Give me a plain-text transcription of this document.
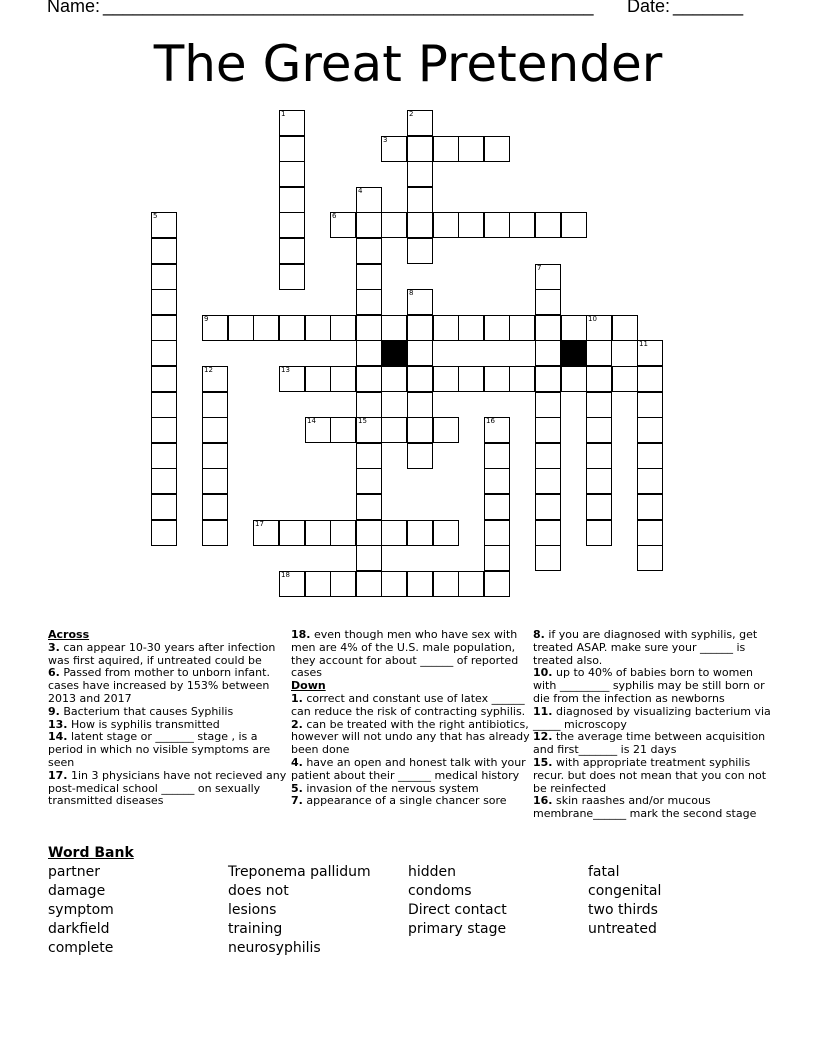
Name: _________________________________________________ Date: _______
The Great Pretender
1	2
3
4
15
5	6
7
8
9	10
11
12	13
14	16
17
18
Across
3. can appear 10-30 years after infection was first aquired, if untreated could be
6. Passed from mother to unborn infant. cases have increased by 153% between 2013 and 2017
9. Bacterium that causes Syphilis
13. How is syphilis transmitted
14. latent stage or _______ stage , is a period in which no visible symptoms are seen
17. 1in 3 physicians have not recieved any post-medical school ______ on sexually transmitted diseases
18. even though men who have sex with men are 4% of the U.S. male population, they account for about ______ of reported cases
Down
1. correct and constant use of latex ______ can reduce the risk of contracting syphilis.
2. can be treated with the right antibiotics, however will not undo any that has already been done
4. have an open and honest talk with your patient about their ______ medical history
5. invasion of the nervous system
7. appearance of a single chancer sore
8. if you are diagnosed with syphilis, get treated ASAP. make sure your ______ is treated also.
10. up to 40% of babies born to women with _________ syphilis may be still born or die from the infection as newborns
11. diagnosed by visualizing bacterium via _____ microscopy
12. the average time between acquisition and first_______ is 21 days
15. with appropriate treatment syphilis recur. but does not mean that you con not be reinfected
16. skin raashes and/or mucous membrane______ mark the second stage
Word Bank
partner
damage
symptom
darkfield
complete
Treponema pallidum
does not
lesions
training
neurosyphilis
hidden
condoms
Direct contact
primary stage
fatal
congenital
two thirds
untreated
